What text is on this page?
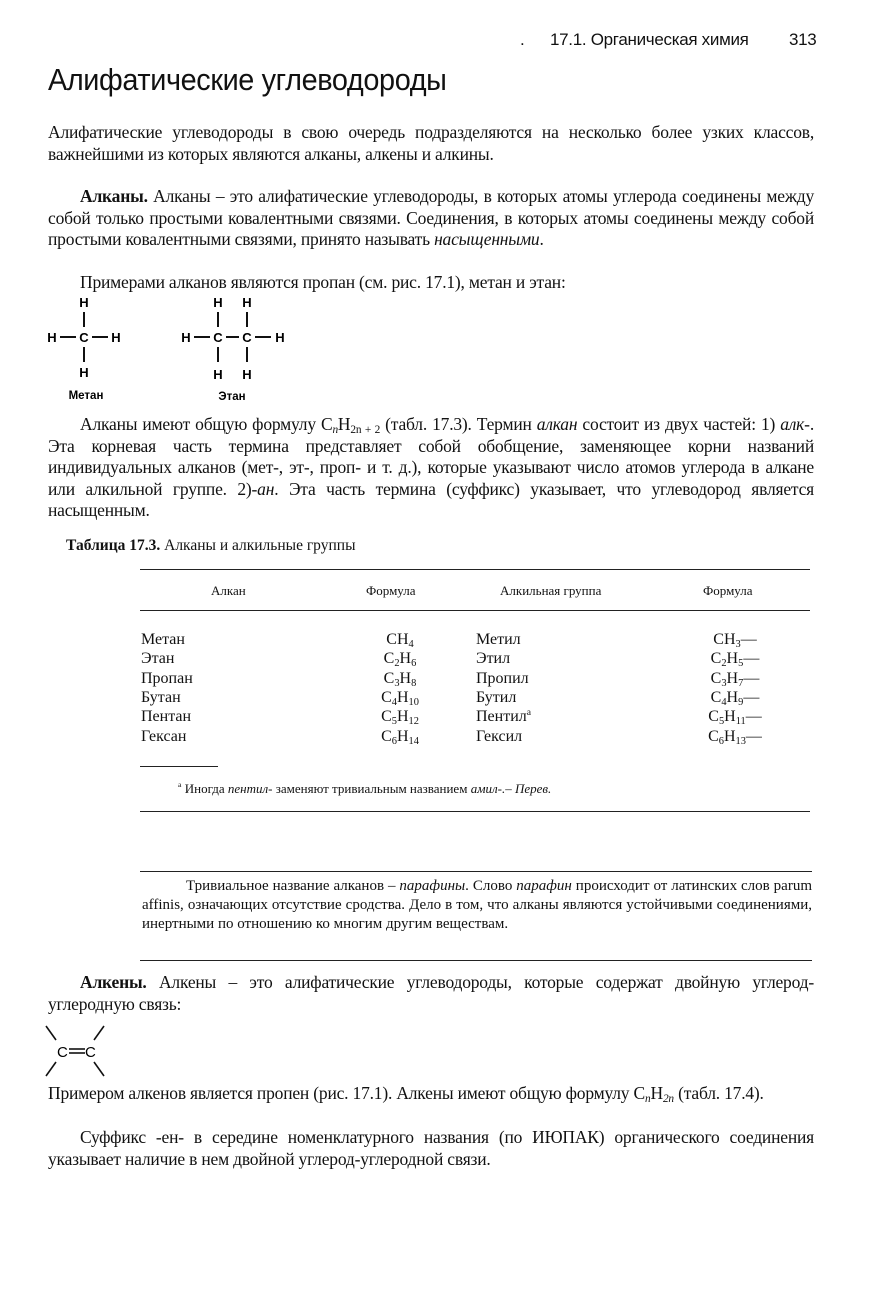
. 17.1. Органическая химия 313
Алифатические углеводороды

Алифатические углеводороды в свою очередь подразделяются на несколько более узких классов, важнейшими из которых являются алканы, алкены и алкины.

Алканы. Алканы – это алифатические углеводороды, в которых атомы углерода соединены между собой только простыми ковалентными связями. Соединения, в которых атомы соединены между собой простыми ковалентными связями, принято называть насыщенными.

Примерами алканов являются пропан (см. рис. 17.1), метан и этан:

H
H C H
H
Метан
H H
H C C H
H H
Этан

Алканы имеют общую формулу $C_nH_{2n + 2}$ (табл. 17.3). Термин алкан состоит из двух частей: 1) алк-. Эта корневая часть термина представляет собой обобщение, заменяющее корни названий индивидуальных алканов (мет-, эт-, проп- и т. д.), которые указывают число атомов углерода в алкане или алкильной группе. 2)-ан. Эта часть термина (суффикс) указывает, что углеводород является насыщенным.

Таблица 17.3. Алканы и алкильные группы
Алкан	Формула	Алкильная группа	Формула
Метан	$CH_4$	Метил	$CH_3—$
Этан	$C_2H_6$	Этил	$C_2H_5—$
Пропан	$C_3H_8$	Пропил	$C_3H_7—$
Бутан	$C_4H_{10}$	Бутил	$C_4H_9—$
Пентан	$C_5H_{12}$	Пентил$^а$	$C_5H_{11}—$
Гексан	$C_6H_{14}$	Гексил	$C_6H_{13}—$
$^а$ Иногда пентил- заменяют тривиальным названием амил-.– Перев.

Тривиальное название алканов – парафины. Слово парафин происходит от латинских слов parum affinis, означающих отсутствие сродства. Дело в том, что алканы являются устойчивыми соединениями, инертными по отношению ко многим другим веществам.

Алкены. Алкены – это алифатические углеводороды, которые содержат двойную углерод-углеродную связь:

C C

Примером алкенов является пропен (рис. 17.1). Алкены имеют общую формулу $C_nH_{2n}$ (табл. 17.4).

Суффикс -ен- в середине номенклатурного названия (по ИЮПАК) органического соединения указывает наличие в нем двойной углерод-углеродной связи.
